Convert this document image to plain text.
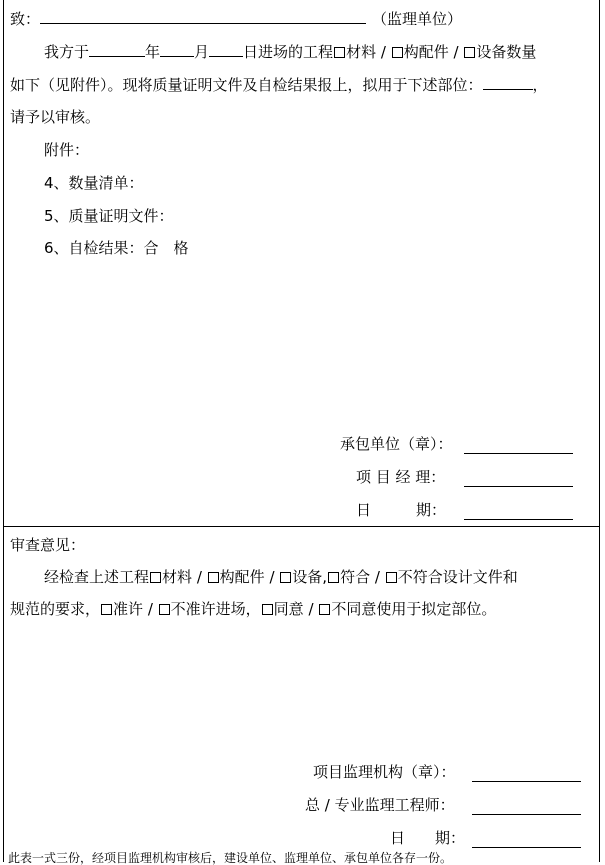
致：	（监理单位）
我方于	年 月 日进场的工程 材料 / 构配件 / 设备数量
如下（见附件）。现将质量证明文件及自检结果报上，拟用于下述部位：	，
请予以审核。
附件：
4、数量清单：
5、质量证明文件：
6、自检结果：合　格
承包单位（章）：
项 目 经 理：
日　　　期：
审查意见：
经检查上述工程 材料 / 构配件 / 设备, 符合 / 不符合设计文件和
规范的要求， 准许 / 不准许进场， 同意 / 不同意使用于拟定部位。
项目监理机构（章）：
总 / 专业监理工程师：
日　　期：
此表一式三份，经项目监理机构审核后，建设单位、监理单位、承包单位各存一份。
